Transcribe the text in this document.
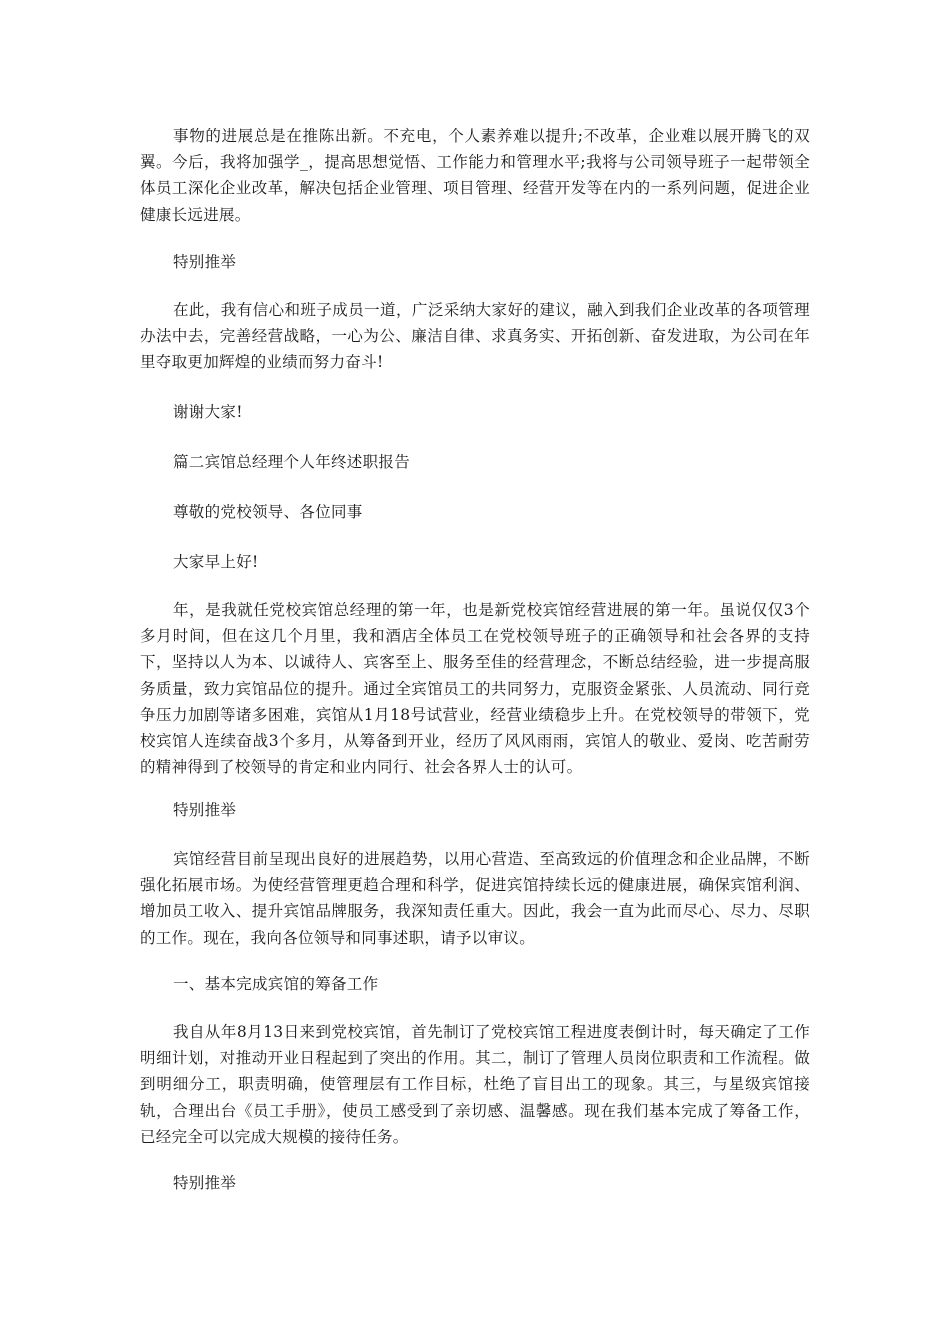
事物的进展总是在推陈出新。不充电，个人素养难以提升;不改革，企业难以展开腾飞的双翼。今后，我将加强学_，提高思想觉悟、工作能力和管理水平;我将与公司领导班子一起带领全体员工深化企业改革，解决包括企业管理、项目管理、经营开发等在内的一系列问题，促进企业健康长远进展。

特别推举

在此，我有信心和班子成员一道，广泛采纳大家好的建议，融入到我们企业改革的各项管理办法中去，完善经营战略，一心为公、廉洁自律、求真务实、开拓创新、奋发进取，为公司在年里夺取更加辉煌的业绩而努力奋斗!

谢谢大家!

篇二宾馆总经理个人年终述职报告

尊敬的党校领导、各位同事

大家早上好!

年，是我就任党校宾馆总经理的第一年，也是新党校宾馆经营进展的第一年。虽说仅仅3个多月时间，但在这几个月里，我和酒店全体员工在党校领导班子的正确领导和社会各界的支持下，坚持以人为本、以诚待人、宾客至上、服务至佳的经营理念，不断总结经验，进一步提高服务质量，致力宾馆品位的提升。通过全宾馆员工的共同努力，克服资金紧张、人员流动、同行竞争压力加剧等诸多困难，宾馆从1月18号试营业，经营业绩稳步上升。在党校领导的带领下，党校宾馆人连续奋战3个多月，从筹备到开业，经历了风风雨雨，宾馆人的敬业、爱岗、吃苦耐劳的精神得到了校领导的肯定和业内同行、社会各界人士的认可。

特别推举

宾馆经营目前呈现出良好的进展趋势，以用心营造、至高致远的价值理念和企业品牌，不断强化拓展市场。为使经营管理更趋合理和科学，促进宾馆持续长远的健康进展，确保宾馆利润、增加员工收入、提升宾馆品牌服务，我深知责任重大。因此，我会一直为此而尽心、尽力、尽职的工作。现在，我向各位领导和同事述职，请予以审议。

一、基本完成宾馆的筹备工作

我自从年8月13日来到党校宾馆，首先制订了党校宾馆工程进度表倒计时，每天确定了工作明细计划，对推动开业日程起到了突出的作用。其二，制订了管理人员岗位职责和工作流程。做到明细分工，职责明确，使管理层有工作目标，杜绝了盲目出工的现象。其三，与星级宾馆接轨，合理出台《员工手册》，使员工感受到了亲切感、温馨感。现在我们基本完成了筹备工作，已经完全可以完成大规模的接待任务。

特别推举
